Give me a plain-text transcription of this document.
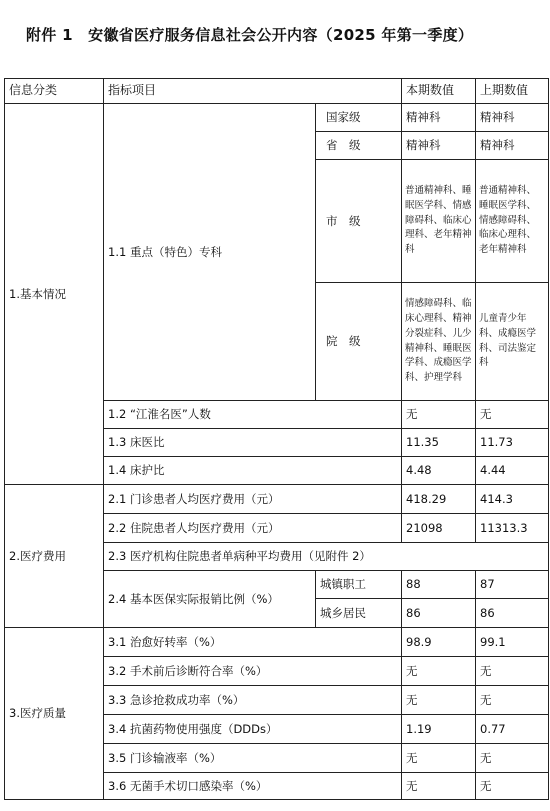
附件 1　安徽省医疗服务信息社会公开内容（2025 年第一季度）
信息分类	指标项目		本期数值	上期数值
1.基本情况	1.1 重点（特色）专科	国家级	精神科	精神科
		省　级	精神科	精神科
		市　级	普通精神科、睡眠医学科、情感障碍科、临床心理科、老年精神科	普通精神科、睡眠医学科、情感障碍科、临床心理科、老年精神科
		院　级	情感障碍科、临床心理科、精神分裂症科、儿少精神科、睡眠医学科、成瘾医学科、护理学科	儿童青少年科、成瘾医学科、司法鉴定科
	1.2 “江淮名医”人数		无	无
	1.3 床医比		11.35	11.73
	1.4 床护比		4.48	4.44
2.医疗费用	2.1 门诊患者人均医疗费用（元）		418.29	414.3
	2.2 住院患者人均医疗费用（元）		21098	11313.3
	2.3 医疗机构住院患者单病种平均费用（见附件 2）			
	2.4 基本医保实际报销比例（%）	城镇职工	88	87
		城乡居民	86	86
3.医疗质量	3.1 治愈好转率（%）		98.9	99.1
	3.2 手术前后诊断符合率（%）		无	无
	3.3 急诊抢救成功率（%）		无	无
	3.4 抗菌药物使用强度（DDDs）		1.19	0.77
	3.5 门诊输液率（%）		无	无
	3.6 无菌手术切口感染率（%）		无	无
